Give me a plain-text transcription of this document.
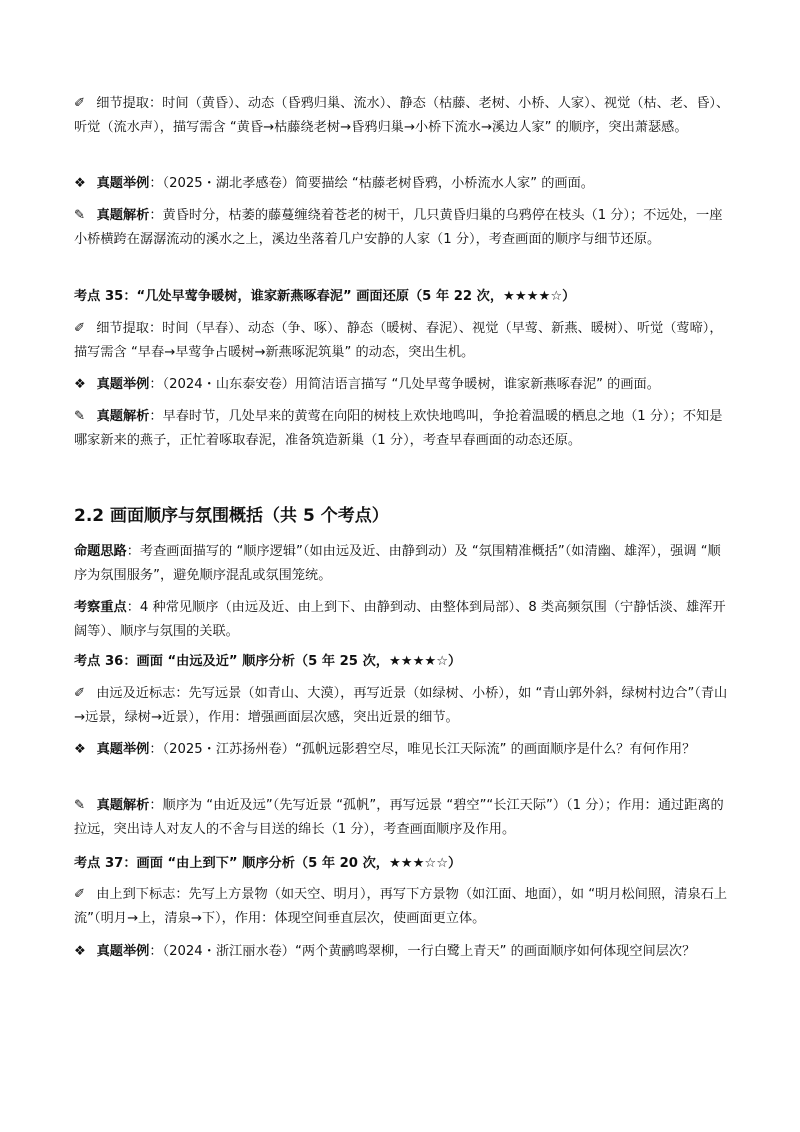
✐ 细节提取：时间（黄昏）、动态（昏鸦归巢、流水）、静态（枯藤、老树、小桥、人家）、视觉（枯、老、昏）、听觉（流水声），描写需含 “黄昏→枯藤绕老树→昏鸦归巢→小桥下流水→溪边人家” 的顺序，突出萧瑟感。

❖ 真题举例：（2025・湖北孝感卷）简要描绘 “枯藤老树昏鸦，小桥流水人家” 的画面。

✎ 真题解析：黄昏时分，枯萎的藤蔓缠绕着苍老的树干，几只黄昏归巢的乌鸦停在枝头（1 分）；不远处，一座小桥横跨在潺潺流动的溪水之上，溪边坐落着几户安静的人家（1 分），考查画面的顺序与细节还原。

考点 35：“几处早莺争暖树，谁家新燕啄春泥” 画面还原（5 年 22 次，★★★★☆）

✐ 细节提取：时间（早春）、动态（争、啄）、静态（暖树、春泥）、视觉（早莺、新燕、暖树）、听觉（莺啼），描写需含 “早春→早莺争占暖树→新燕啄泥筑巢” 的动态，突出生机。

❖ 真题举例：（2024・山东泰安卷）用简洁语言描写 “几处早莺争暖树，谁家新燕啄春泥” 的画面。

✎ 真题解析：早春时节，几处早来的黄莺在向阳的树枝上欢快地鸣叫，争抢着温暖的栖息之地（1 分）；不知是哪家新来的燕子，正忙着啄取春泥，准备筑造新巢（1 分），考查早春画面的动态还原。

2.2 画面顺序与氛围概括（共 5 个考点）

命题思路：考查画面描写的 “顺序逻辑”（如由远及近、由静到动）及 “氛围精准概括”（如清幽、雄浑），强调 “顺序为氛围服务”，避免顺序混乱或氛围笼统。

考察重点：4 种常见顺序（由远及近、由上到下、由静到动、由整体到局部）、8 类高频氛围（宁静恬淡、雄浑开阔等）、顺序与氛围的关联。

考点 36：画面 “由远及近” 顺序分析（5 年 25 次，★★★★☆）

✐ 由远及近标志：先写远景（如青山、大漠），再写近景（如绿树、小桥），如 “青山郭外斜，绿树村边合”（青山→远景，绿树→近景），作用：增强画面层次感，突出近景的细节。

❖ 真题举例：（2025・江苏扬州卷）“孤帆远影碧空尽，唯见长江天际流” 的画面顺序是什么？有何作用？

✎ 真题解析：顺序为 “由近及远”（先写近景 “孤帆”，再写远景 “碧空”“长江天际”）（1 分）；作用：通过距离的拉远，突出诗人对友人的不舍与目送的绵长（1 分），考查画面顺序及作用。

考点 37：画面 “由上到下” 顺序分析（5 年 20 次，★★★☆☆）

✐ 由上到下标志：先写上方景物（如天空、明月），再写下方景物（如江面、地面），如 “明月松间照，清泉石上流”（明月→上，清泉→下），作用：体现空间垂直层次，使画面更立体。

❖ 真题举例：（2024・浙江丽水卷）“两个黄鹂鸣翠柳，一行白鹭上青天” 的画面顺序如何体现空间层次？
